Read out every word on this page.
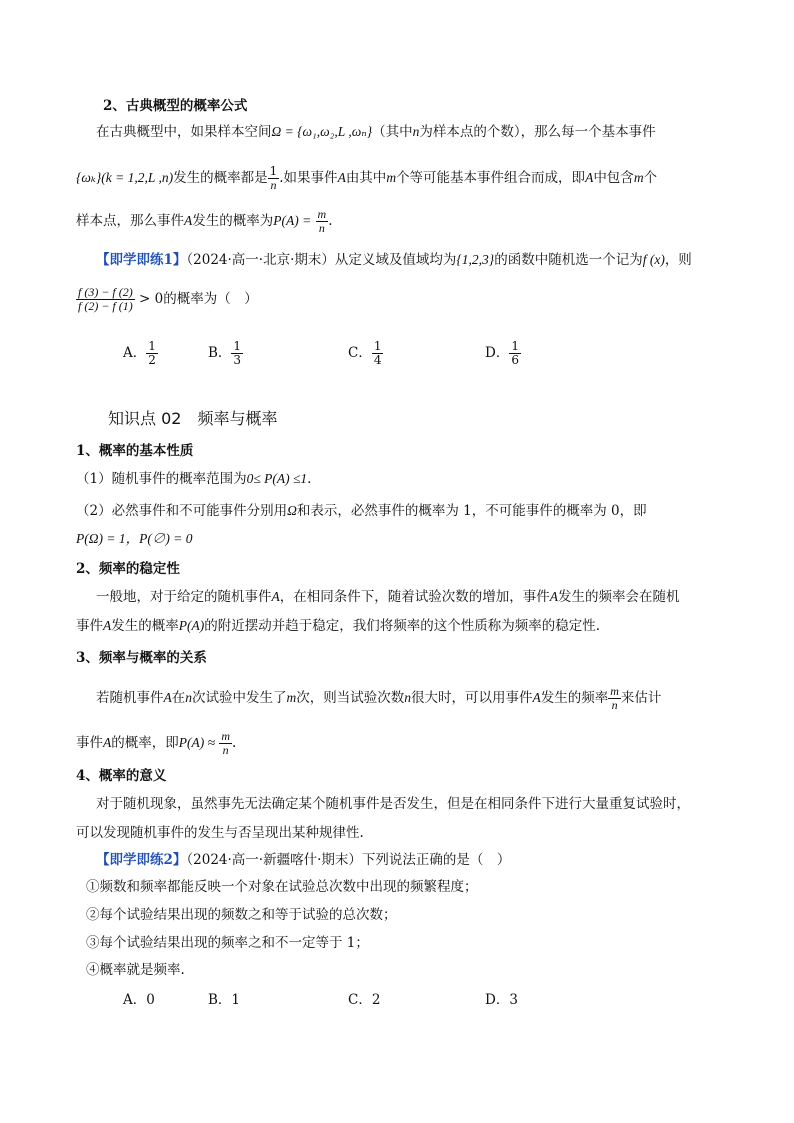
2、古典概型的概率公式
在古典概型中，如果样本空间Ω = {ω₁,ω₂,L ,ωₙ}（其中n为样本点的个数），那么每一个基本事件
{ωₖ}(k = 1,2,L ,n)发生的概率都是 $\frac{1}{n}$ .如果事件A由其中m个等可能基本事件组合而成，即A中包含m个
样本点，那么事件A发生的概率为$P(A) = \frac{m}{n}$ .
【即学即练1】（2024·高一·北京·期末）从定义域及值域均为{1,2,3}的函数中随机选一个记为f (x)，则
$\frac{f (3) - f (2)}{f (2) - f (1)} > 0$的概率为（　）
A． $\frac{1}{2}$	B． $\frac{1}{3}$	C． $\frac{1}{4}$	D． $\frac{1}{6}$
知识点 02　频率与概率
1、概率的基本性质
（1）随机事件的概率范围为0≤ P(A) ≤1.
（2）必然事件和不可能事件分别用Ω和表示，必然事件的概率为 1，不可能事件的概率为 0，即
P(Ω) = 1，P(∅) = 0
2、频率的稳定性
一般地，对于给定的随机事件A，在相同条件下，随着试验次数的增加，事件A发生的频率会在随机
事件A发生的概率P(A)的附近摆动并趋于稳定，我们将频率的这个性质称为频率的稳定性.
3、频率与概率的关系
若随机事件A在n次试验中发生了m次，则当试验次数n很大时，可以用事件A发生的频率 $\frac{m}{n}$ 来估计
事件A的概率，即$P(A) \approx \frac{m}{n}$ .
4、概率的意义
对于随机现象，虽然事先无法确定某个随机事件是否发生，但是在相同条件下进行大量重复试验时，
可以发现随机事件的发生与否呈现出某种规律性.
【即学即练2】（2024·高一·新疆喀什·期末）下列说法正确的是（　）
①频数和频率都能反映一个对象在试验总次数中出现的频繁程度；
②每个试验结果出现的频数之和等于试验的总次数；
③每个试验结果出现的频率之和不一定等于 1；
④概率就是频率.
A．0	B．1	C．2	D．3
